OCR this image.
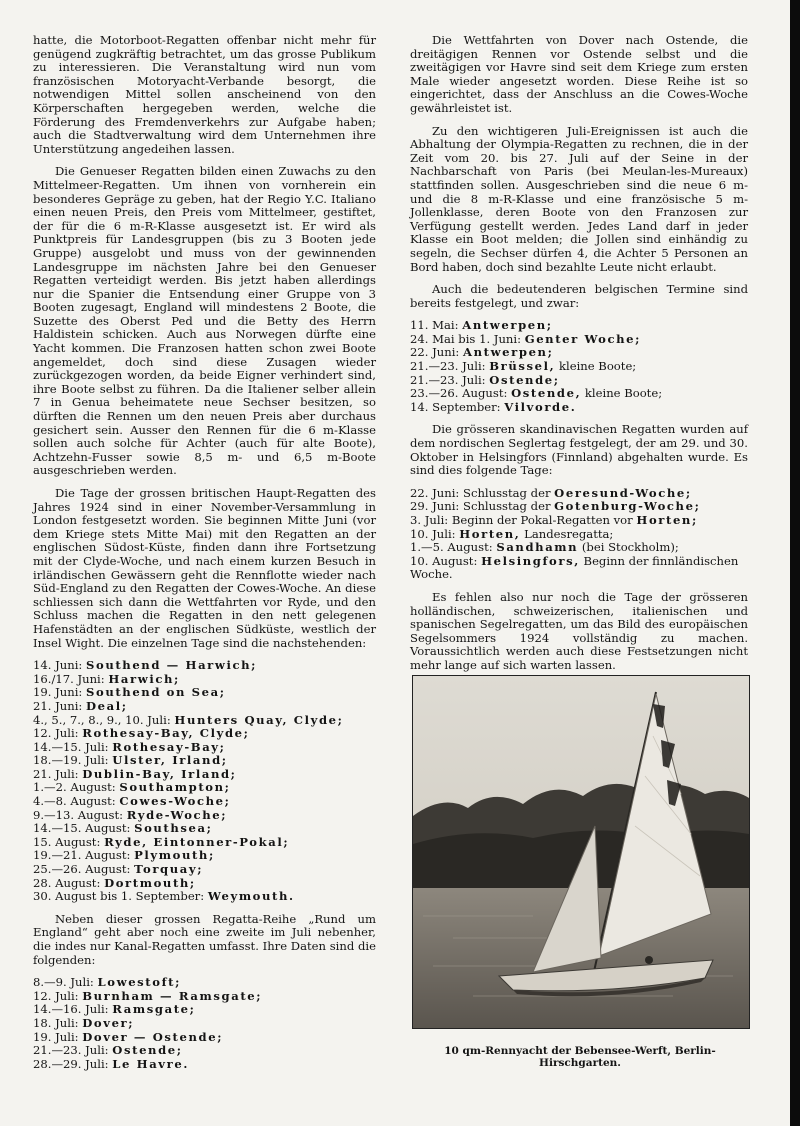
hatte, die Motorboot-Regatten offenbar nicht mehr für genügend zugkräftig betrachtet, um das grosse Publikum zu interessieren. Die Veranstaltung wird nun vom französischen Motoryacht-Verbande besorgt, die notwendigen Mittel sollen anscheinend von den Körperschaften hergegeben werden, welche die Förderung des Fremdenverkehrs zur Aufgabe haben; auch die Stadtverwaltung wird dem Unternehmen ihre Unterstützung angedeihen lassen.

Die Genueser Regatten bilden einen Zuwachs zu den Mittelmeer-Regatten. Um ihnen von vornherein ein besonderes Gepräge zu geben, hat der Regio Y.C. Italiano einen neuen Preis, den Preis vom Mittelmeer, gestiftet, der für die 6 m-R-Klasse ausgesetzt ist. Er wird als Punktpreis für Landesgruppen (bis zu 3 Booten jede Gruppe) ausgelobt und muss von der gewinnenden Landesgruppe im nächsten Jahre bei den Genueser Regatten verteidigt werden. Bis jetzt haben allerdings nur die Spanier die Entsendung einer Gruppe von 3 Booten zugesagt, England will mindestens 2 Boote, die Suzette des Oberst Ped und die Betty des Herrn Haldistein schicken. Auch aus Norwegen dürfte eine Yacht kommen. Die Franzosen hatten schon zwei Boote angemeldet, doch sind diese Zusagen wieder zurückgezogen worden, da beide Eigner verhindert sind, ihre Boote selbst zu führen. Da die Italiener selber allein 7 in Genua beheimatete neue Sechser besitzen, so dürften die Rennen um den neuen Preis aber durchaus gesichert sein. Ausser den Rennen für die 6 m-Klasse sollen auch solche für Achter (auch für alte Boote), Achtzehn-Fusser sowie 8,5 m- und 6,5 m-Boote ausgeschrieben werden.

Die Tage der grossen britischen Haupt-Regatten des Jahres 1924 sind in einer November-Versammlung in London festgesetzt worden. Sie beginnen Mitte Juni (vor dem Kriege stets Mitte Mai) mit den Regatten an der englischen Südost-Küste, finden dann ihre Fortsetzung mit der Clyde-Woche, und nach einem kurzen Besuch in irländischen Gewässern geht die Rennflotte wieder nach Süd-England zu den Regatten der Cowes-Woche. An diese schliessen sich dann die Wettfahrten vor Ryde, und den Schluss machen die Regatten in den nett gelegenen Hafenstädten an der englischen Südküste, westlich der Insel Wight. Die einzelnen Tage sind die nachstehenden:

14. Juni: Southend — Harwich;
16./17. Juni: Harwich;
19. Juni: Southend on Sea;
21. Juni: Deal;
4., 5., 7., 8., 9., 10. Juli: Hunters Quay, Clyde;
12. Juli: Rothesay-Bay, Clyde;
14.—15. Juli: Rothesay-Bay;
18.—19. Juli: Ulster, Irland;
21. Juli: Dublin-Bay, Irland;
1.—2. August: Southampton;
4.—8. August: Cowes-Woche;
9.—13. August: Ryde-Woche;
14.—15. August: Southsea;
15. August: Ryde, Eintonner-Pokal;
19.—21. August: Plymouth;
25.—26. August: Torquay;
28. August: Dortmouth;
30. August bis 1. September: Weymouth.

Neben dieser grossen Regatta-Reihe „Rund um England“ geht aber noch eine zweite im Juli nebenher, die indes nur Kanal-Regatten umfasst. Ihre Daten sind die folgenden:

8.—9. Juli: Lowestoft;
12. Juli: Burnham — Ramsgate;
14.—16. Juli: Ramsgate;
18. Juli: Dover;
19. Juli: Dover — Ostende;
21.—23. Juli: Ostende;
28.—29. Juli: Le Havre.

Die Wettfahrten von Dover nach Ostende, die dreitägigen Rennen vor Ostende selbst und die zweitägigen vor Havre sind seit dem Kriege zum ersten Male wieder angesetzt worden. Diese Reihe ist so eingerichtet, dass der Anschluss an die Cowes-Woche gewährleistet ist.

Zu den wichtigeren Juli-Ereignissen ist auch die Abhaltung der Olympia-Regatten zu rechnen, die in der Zeit vom 20. bis 27. Juli auf der Seine in der Nachbarschaft von Paris (bei Meulan-les-Mureaux) stattfinden sollen. Ausgeschrieben sind die neue 6 m- und die 8 m-R-Klasse und eine französische 5 m-Jollenklasse, deren Boote von den Franzosen zur Verfügung gestellt werden. Jedes Land darf in jeder Klasse ein Boot melden; die Jollen sind einhändig zu segeln, die Sechser dürfen 4, die Achter 5 Personen an Bord haben, doch sind bezahlte Leute nicht erlaubt.

Auch die bedeutenderen belgischen Termine sind bereits festgelegt, und zwar:

11. Mai: Antwerpen;
24. Mai bis 1. Juni: Genter Woche;
22. Juni: Antwerpen;
21.—23. Juli: Brüssel, kleine Boote;
21.—23. Juli: Ostende;
23.—26. August: Ostende, kleine Boote;
14. September: Vilvorde.

Die grösseren skandinavischen Regatten wurden auf dem nordischen Seglertag festgelegt, der am 29. und 30. Oktober in Helsingfors (Finnland) abgehalten wurde. Es sind dies folgende Tage:

22. Juni: Schlusstag der Oeresund-Woche;
29. Juni: Schlusstag der Gotenburg-Woche;
3. Juli: Beginn der Pokal-Regatten vor Horten;
10. Juli: Horten, Landesregatta;
1.—5. August: Sandhamn (bei Stockholm);
10. August: Helsingfors, Beginn der finnländischen Woche.

Es fehlen also nur noch die Tage der grösseren holländischen, schweizerischen, italienischen und spanischen Segelregatten, um das Bild des europäischen Segelsommers 1924 vollständig zu machen. Voraussichtlich werden auch diese Festsetzungen nicht mehr lange auf sich warten lassen.

10 qm-Rennyacht der Bebensee-Werft, Berlin-Hirschgarten.
